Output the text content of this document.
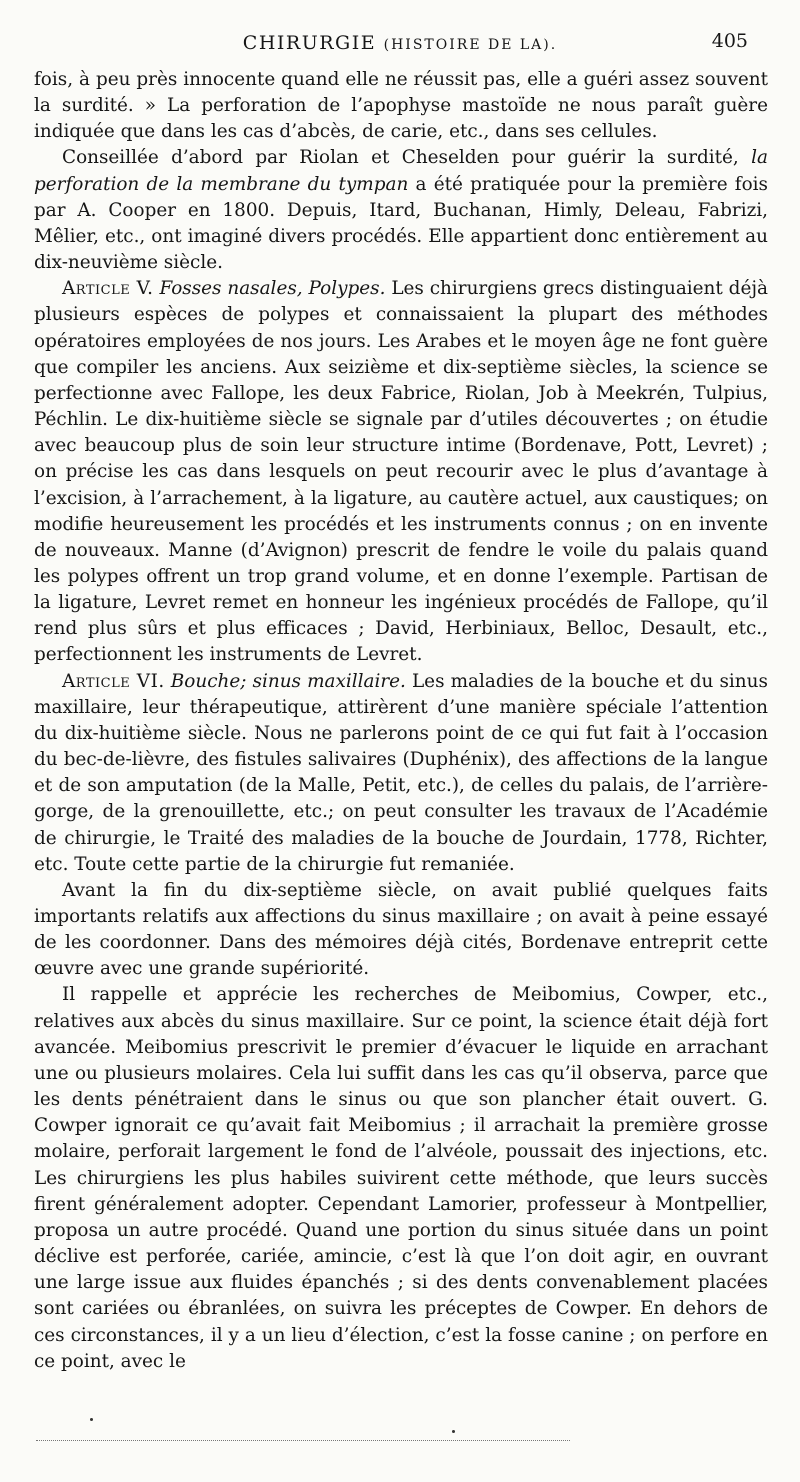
CHIRURGIE (HISTOIRE DE LA).	405

fois, à peu près innocente quand elle ne réussit pas, elle a guéri assez souvent la surdité. » La perforation de l’apophyse mastoïde ne nous paraît guère indiquée que dans les cas d’abcès, de carie, etc., dans ses cellules.

Conseillée d’abord par Riolan et Cheselden pour guérir la surdité, la perforation de la membrane du tympan a été pratiquée pour la première fois par A. Cooper en 1800. Depuis, Itard, Buchanan, Himly, Deleau, Fabrizi, Mêlier, etc., ont imaginé divers procédés. Elle appartient donc entièrement au dix-neuvième siècle.

Article V. Fosses nasales, Polypes. Les chirurgiens grecs distinguaient déjà plusieurs espèces de polypes et connaissaient la plupart des méthodes opératoires employées de nos jours. Les Arabes et le moyen âge ne font guère que compiler les anciens. Aux seizième et dix-septième siècles, la science se perfectionne avec Fallope, les deux Fabrice, Riolan, Job à Meekrén, Tulpius, Péchlin. Le dix-huitième siècle se signale par d’utiles découvertes ; on étudie avec beaucoup plus de soin leur structure intime (Bordenave, Pott, Levret) ; on précise les cas dans lesquels on peut recourir avec le plus d’avantage à l’excision, à l’arrachement, à la ligature, au cautère actuel, aux caustiques; on modifie heureusement les procédés et les instruments connus ; on en invente de nouveaux. Manne (d’Avignon) prescrit de fendre le voile du palais quand les polypes offrent un trop grand volume, et en donne l’exemple. Partisan de la ligature, Levret remet en honneur les ingénieux procédés de Fallope, qu’il rend plus sûrs et plus efficaces ; David, Herbiniaux, Belloc, Desault, etc., perfectionnent les instruments de Levret.

Article VI. Bouche; sinus maxillaire. Les maladies de la bouche et du sinus maxillaire, leur thérapeutique, attirèrent d’une manière spéciale l’attention du dix-huitième siècle. Nous ne parlerons point de ce qui fut fait à l’occasion du bec-de-lièvre, des fistules salivaires (Duphénix), des affections de la langue et de son amputation (de la Malle, Petit, etc.), de celles du palais, de l’arrière-gorge, de la grenouillette, etc.; on peut consulter les travaux de l’Académie de chirurgie, le Traité des maladies de la bouche de Jourdain, 1778, Richter, etc. Toute cette partie de la chirurgie fut remaniée.

Avant la fin du dix-septième siècle, on avait publié quelques faits importants relatifs aux affections du sinus maxillaire ; on avait à peine essayé de les coordonner. Dans des mémoires déjà cités, Bordenave entreprit cette œuvre avec une grande supériorité.

Il rappelle et apprécie les recherches de Meibomius, Cowper, etc., relatives aux abcès du sinus maxillaire. Sur ce point, la science était déjà fort avancée. Meibomius prescrivit le premier d’évacuer le liquide en arrachant une ou plusieurs molaires. Cela lui suffit dans les cas qu’il observa, parce que les dents pénétraient dans le sinus ou que son plancher était ouvert. G. Cowper ignorait ce qu’avait fait Meibomius ; il arrachait la première grosse molaire, perforait largement le fond de l’alvéole, poussait des injections, etc. Les chirurgiens les plus habiles suivirent cette méthode, que leurs succès firent généralement adopter. Cependant Lamorier, professeur à Montpellier, proposa un autre procédé. Quand une portion du sinus située dans un point déclive est perforée, cariée, amincie, c’est là que l’on doit agir, en ouvrant une large issue aux fluides épanchés ; si des dents convenablement placées sont cariées ou ébranlées, on suivra les préceptes de Cowper. En dehors de ces circonstances, il y a un lieu d’élection, c’est la fosse canine ; on perfore en ce point, avec le
